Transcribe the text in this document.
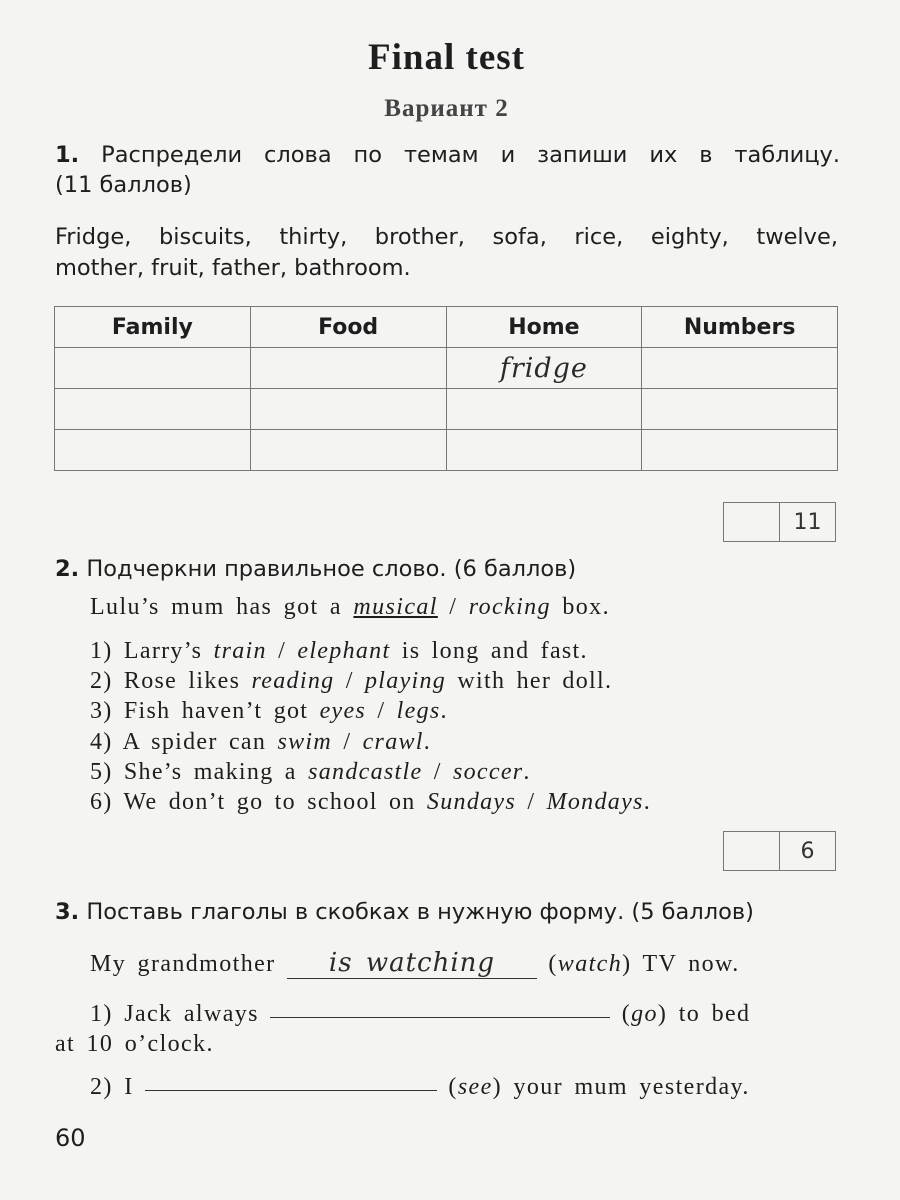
Final test
Вариант 2
1. Распредели слова по темам и запиши их в таблицу.
(11 баллов)
Fridge, biscuits, thirty, brother, sofa, rice, eighty, twelve,
mother, fruit, father, bathroom.
Family	Food	Home	Numbers
		fridge	

11
2. Подчеркни правильное слово. (6 баллов)
Lulu’s mum has got a musical / rocking box.
1) Larry’s train / elephant is long and fast.
2) Rose likes reading / playing with her doll.
3) Fish haven’t got eyes / legs.
4) A spider can swim / crawl.
5) She’s making a sandcastle / soccer.
6) We don’t go to school on Sundays / Mondays.
6
3. Поставь глаголы в скобках в нужную форму. (5 баллов)
My grandmother is watching (watch) TV now.
1) Jack always	(go) to bed
at 10 o’clock.
2) I	(see) your mum yesterday.
60
